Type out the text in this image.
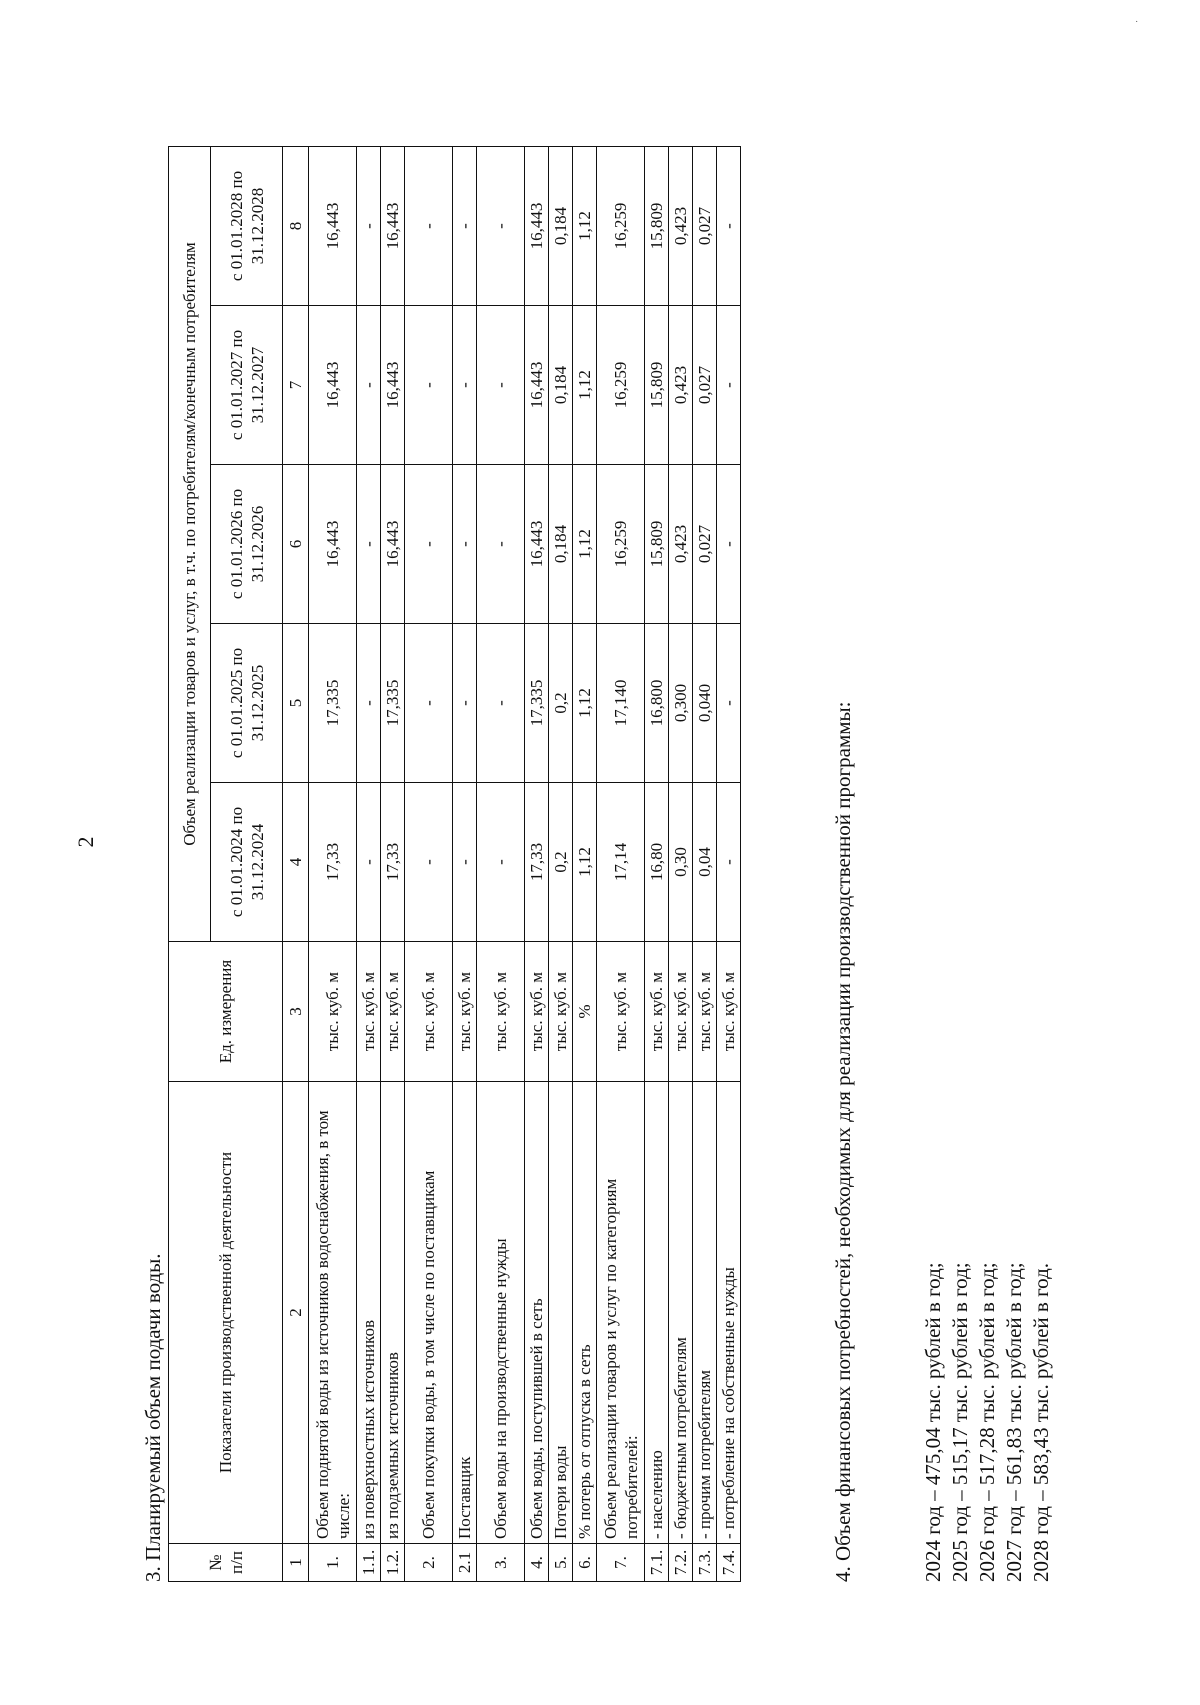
2
˙
3. Планируемый объем подачи воды. № п/п	Показатели производственной деятельности	Ед. измерения	Объем реализации товаров и услуг, в т.ч. по потребителям/конечным потребителям				
			с 01.01.2024 по 31.12.2024	с 01.01.2025 по 31.12.2025	с 01.01.2026 по 31.12.2026	с 01.01.2027 по 31.12.2027	с 01.01.2028 по 31.12.2028
1	2	3	4	5	6	7	8
1.	Объем поднятой воды из источников водоснабжения, в том числе:	тыс. куб. м	17,33	17,335	16,443	16,443	16,443
1.1.	из поверхностных источников	тыс. куб. м	-	-	-	-	-
1.2.	из подземных источников	тыс. куб. м	17,33	17,335	16,443	16,443	16,443
2.	Объем покупки воды, в том числе по поставщикам	тыс. куб. м	-	-	-	-	-
2.1	Поставщик	тыс. куб. м	-	-	-	-	-
3.	Объем воды на производственные нужды	тыс. куб. м	-	-	-	-	-
4.	Объем воды, поступившей в сеть	тыс. куб. м	17,33	17,335	16,443	16,443	16,443
5.	Потери воды	тыс. куб. м	0,2	0,2	0,184	0,184	0,184
6.	% потерь от отпуска в сеть	%	1,12	1,12	1,12	1,12	1,12
7.	Объем реализации товаров и услуг по категориям потребителей:	тыс. куб. м	17,14	17,140	16,259	16,259	16,259
7.1.	- населению	тыс. куб. м	16,80	16,800	15,809	15,809	15,809
7.2.	- бюджетным потребителям	тыс. куб. м	0,30	0,300	0,423	0,423	0,423
7.3.	- прочим потребителям	тыс. куб. м	0,04	0,040	0,027	0,027	0,027
7.4.	- потребление на собственные нужды	тыс. куб. м	-	-	-	-	-
4. Объем финансовых потребностей, необходимых для реализации производственной программы:	2024 год – 475,04 тыс. рублей в год; 2025 год – 515,17 тыс. рублей в год; 2026 год – 517,28 тыс. рублей в год; 2027 год – 561,83 тыс. рублей в год; 2028 год – 583,43 тыс. рублей в год.
